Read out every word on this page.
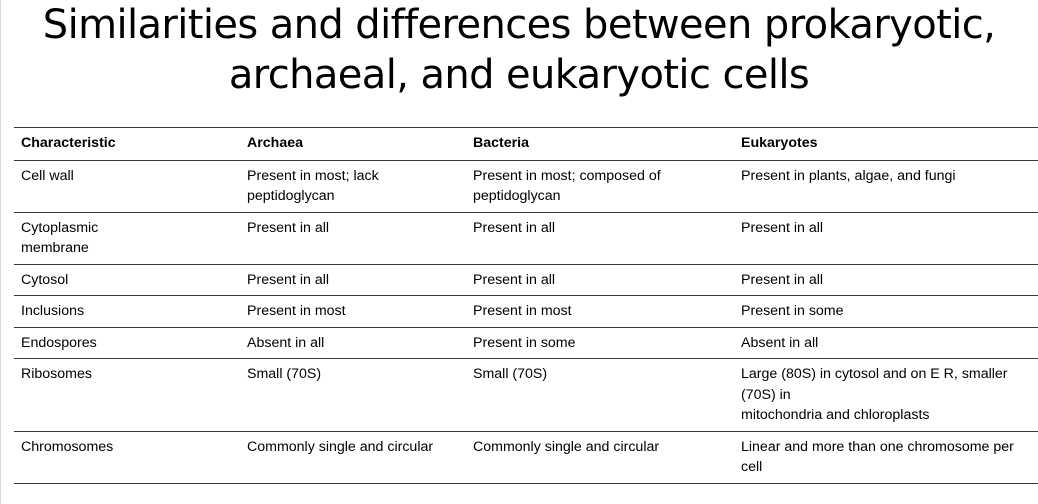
Similarities and differences between prokaryotic,
archaeal, and eukaryotic cells
Characteristic	Archaea	Bacteria	Eukaryotes
Cell wall	Present in most; lack peptidoglycan	Present in most; composed of peptidoglycan	Present in plants, algae, and fungi
Cytoplasmic membrane	Present in all	Present in all	Present in all
Cytosol	Present in all	Present in all	Present in all
Inclusions	Present in most	Present in most	Present in some
Endospores	Absent in all	Present in some	Absent in all
Ribosomes	Small (70S)	Small (70S)	Large (80S) in cytosol and on E R, smaller (70S) in
mitochondria and chloroplasts
Chromosomes	Commonly single and circular	Commonly single and circular	Linear and more than one chromosome per cell
